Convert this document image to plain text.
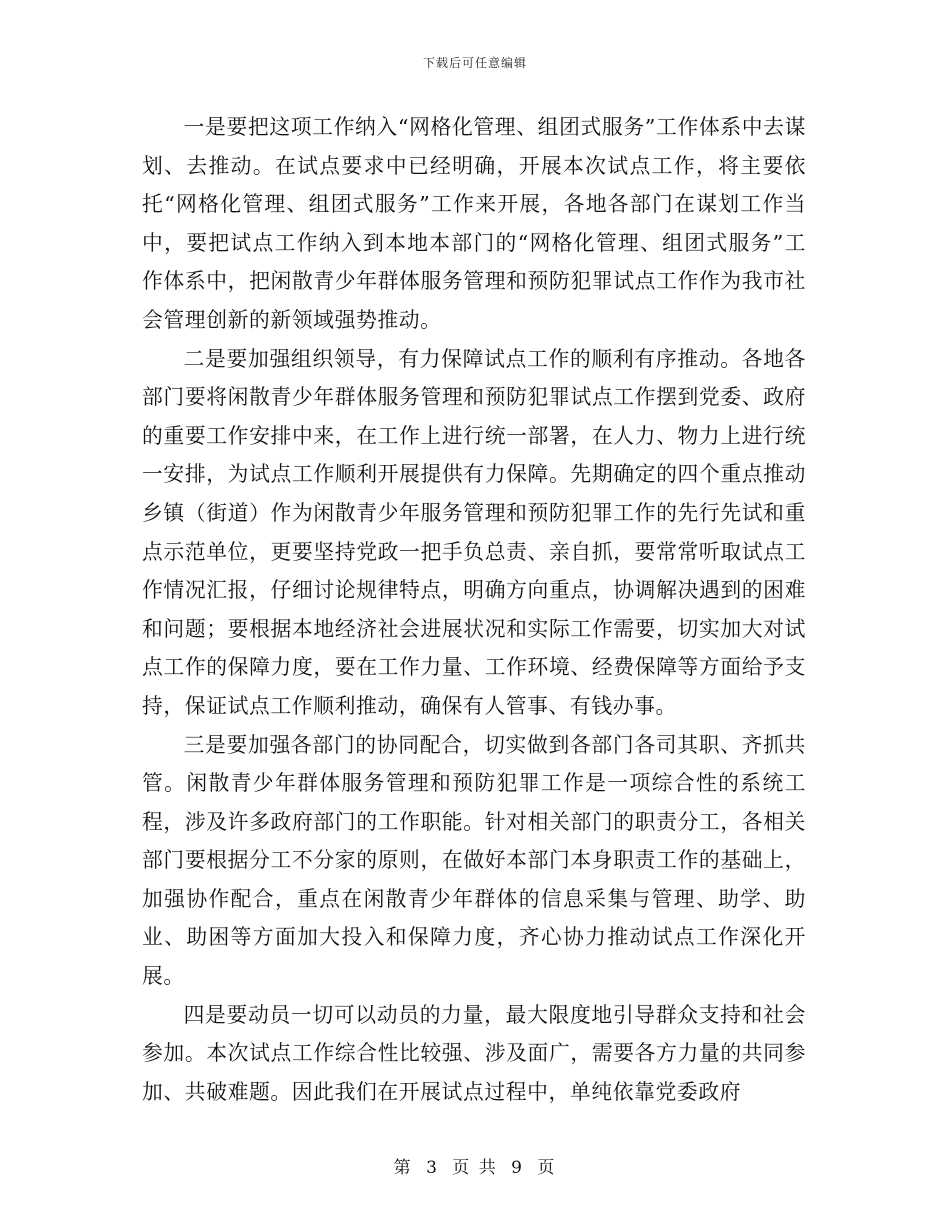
下载后可任意编辑

一是要把这项工作纳入“网格化管理、组团式服务”工作体系中去谋划、去推动。在试点要求中已经明确，开展本次试点工作，将主要依托“网格化管理、组团式服务”工作来开展，各地各部门在谋划工作当中，要把试点工作纳入到本地本部门的“网格化管理、组团式服务”工作体系中，把闲散青少年群体服务管理和预防犯罪试点工作作为我市社会管理创新的新领域强势推动。

二是要加强组织领导，有力保障试点工作的顺利有序推动。各地各部门要将闲散青少年群体服务管理和预防犯罪试点工作摆到党委、政府的重要工作安排中来，在工作上进行统一部署，在人力、物力上进行统一安排，为试点工作顺利开展提供有力保障。先期确定的四个重点推动乡镇（街道）作为闲散青少年服务管理和预防犯罪工作的先行先试和重点示范单位，更要坚持党政一把手负总责、亲自抓，要常常听取试点工作情况汇报，仔细讨论规律特点，明确方向重点，协调解决遇到的困难和问题；要根据本地经济社会进展状况和实际工作需要，切实加大对试点工作的保障力度，要在工作力量、工作环境、经费保障等方面给予支持，保证试点工作顺利推动，确保有人管事、有钱办事。

三是要加强各部门的协同配合，切实做到各部门各司其职、齐抓共管。闲散青少年群体服务管理和预防犯罪工作是一项综合性的系统工程，涉及许多政府部门的工作职能。针对相关部门的职责分工，各相关部门要根据分工不分家的原则，在做好本部门本身职责工作的基础上，加强协作配合，重点在闲散青少年群体的信息采集与管理、助学、助业、助困等方面加大投入和保障力度，齐心协力推动试点工作深化开展。

四是要动员一切可以动员的力量，最大限度地引导群众支持和社会参加。本次试点工作综合性比较强、涉及面广，需要各方力量的共同参加、共破难题。因此我们在开展试点过程中，单纯依靠党委政府

第 3 页 共 9 页
